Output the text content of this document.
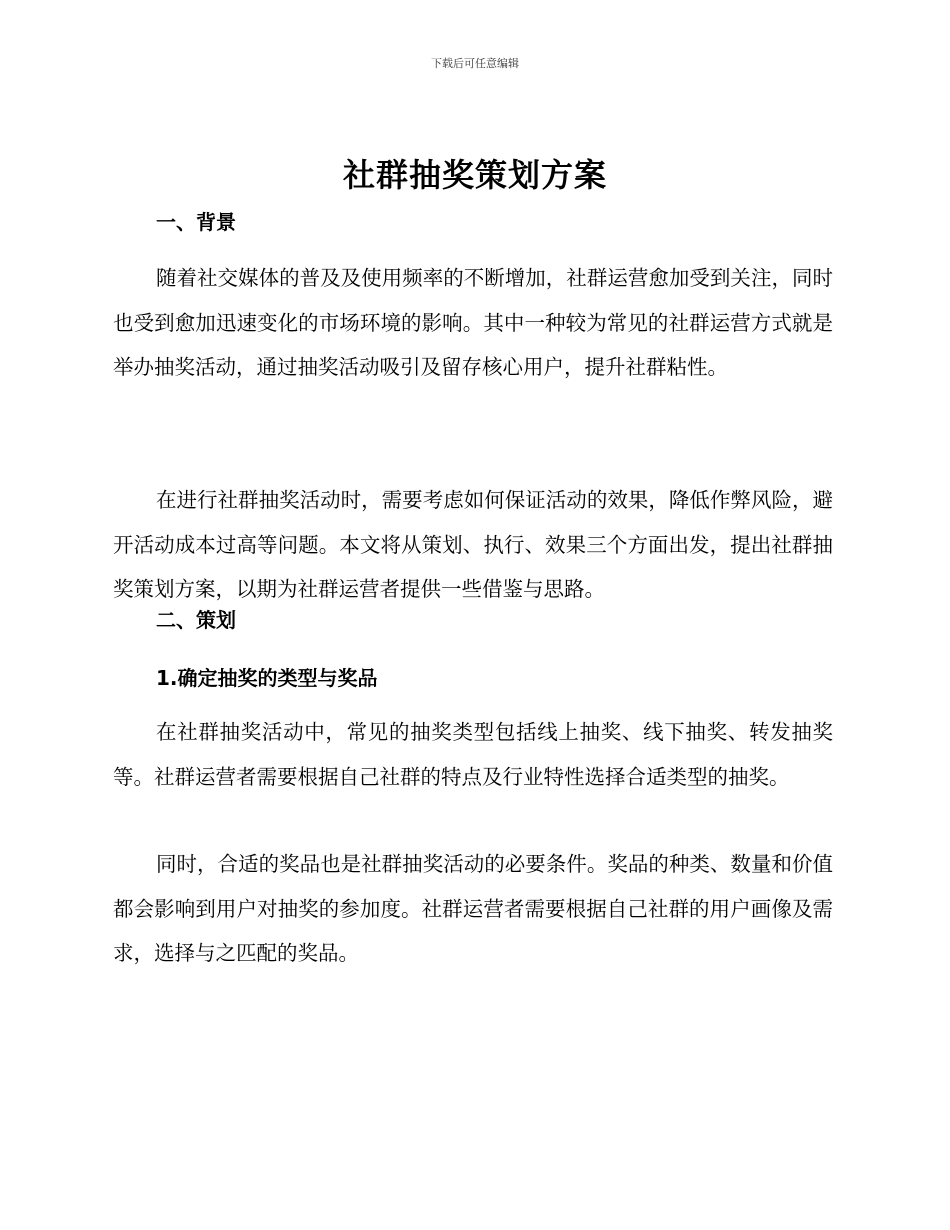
下载后可任意编辑
社群抽奖策划方案
一、背景

随着社交媒体的普及及使用频率的不断增加，社群运营愈加受到关注，同时也受到愈加迅速变化的市场环境的影响。其中一种较为常见的社群运营方式就是举办抽奖活动，通过抽奖活动吸引及留存核心用户，提升社群粘性。

在进行社群抽奖活动时，需要考虑如何保证活动的效果，降低作弊风险，避开活动成本过高等问题。本文将从策划、执行、效果三个方面出发，提出社群抽奖策划方案，以期为社群运营者提供一些借鉴与思路。

二、策划
1.确定抽奖的类型与奖品

在社群抽奖活动中，常见的抽奖类型包括线上抽奖、线下抽奖、转发抽奖等。社群运营者需要根据自己社群的特点及行业特性选择合适类型的抽奖。

同时，合适的奖品也是社群抽奖活动的必要条件。奖品的种类、数量和价值都会影响到用户对抽奖的参加度。社群运营者需要根据自己社群的用户画像及需求，选择与之匹配的奖品。
